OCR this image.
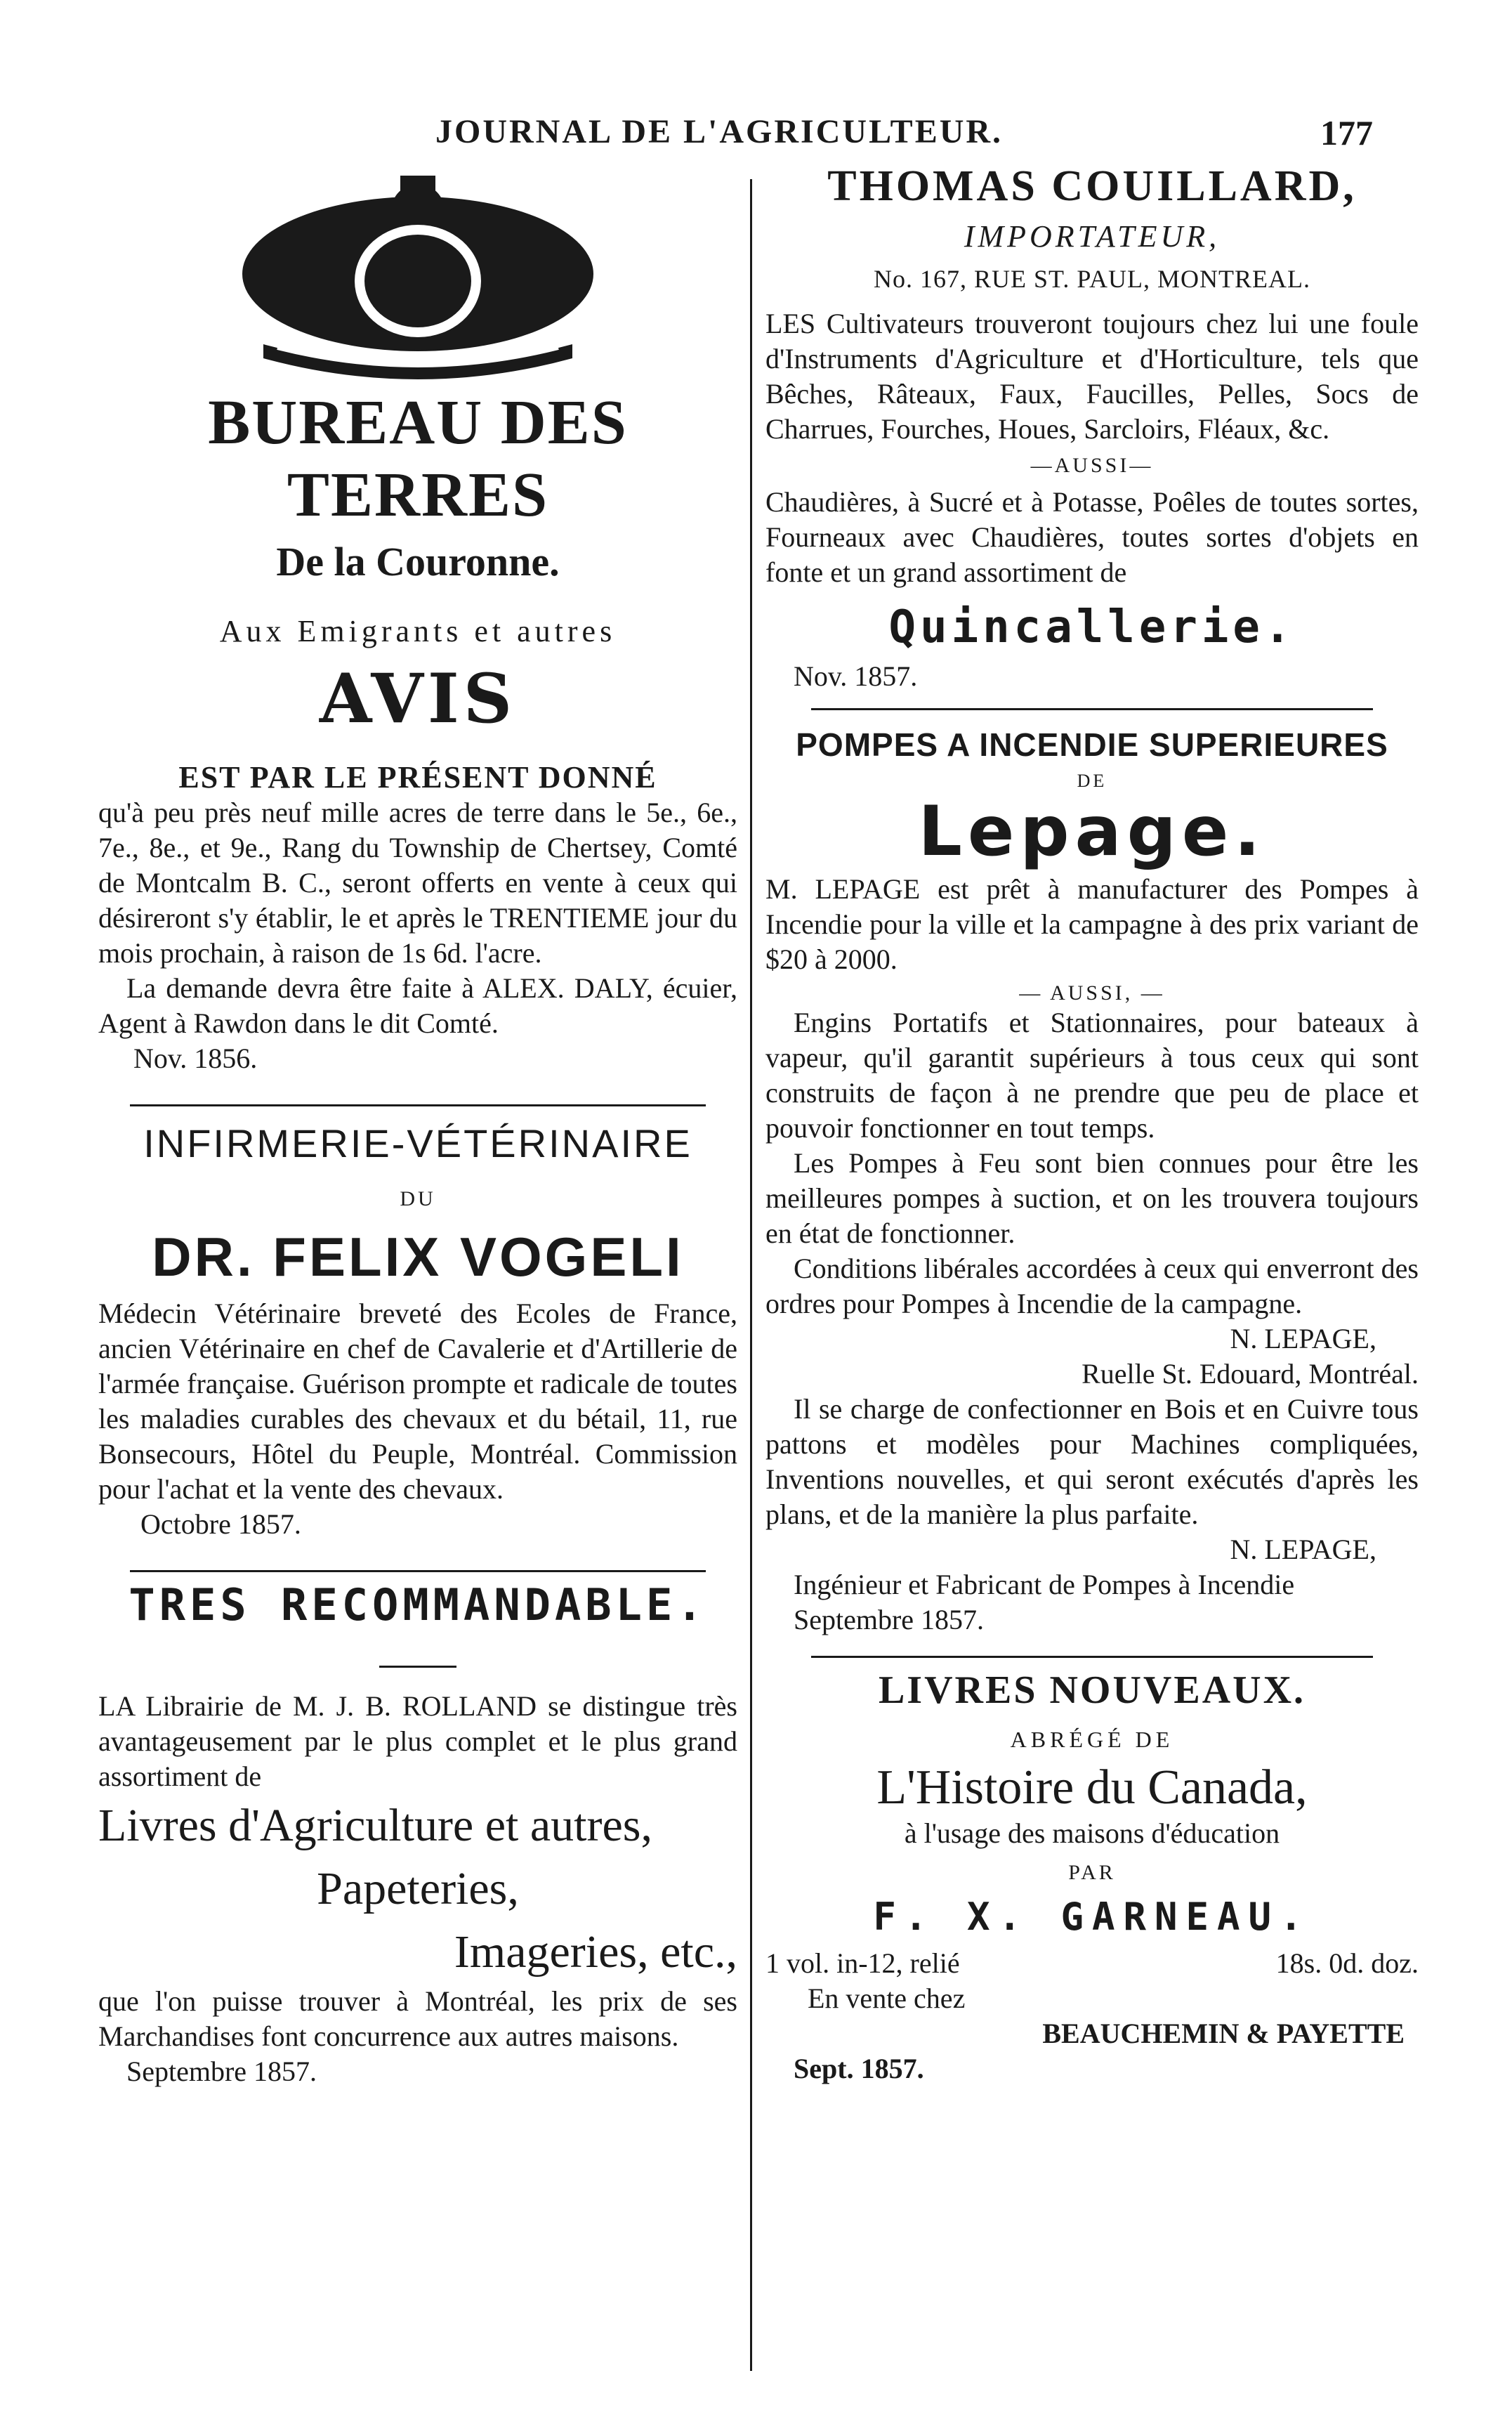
JOURNAL DE L'AGRICULTEUR.	177
BUREAU DES TERRES
De la Couronne.
Aux Emigrants et autres
AVIS
EST PAR LE PRÉSENT DONNÉ

qu'à peu près neuf mille acres de terre dans le 5e., 6e., 7e., 8e., et 9e., Rang du Township de Chertsey, Comté de Montcalm B. C., seront offerts en vente à ceux qui désireront s'y établir, le et après le TRENTIEME jour du mois prochain, à raison de 1s 6d. l'acre.

La demande devra être faite à ALEX. DALY, écuier, Agent à Rawdon dans le dit Comté.

Nov. 1856.

INFIRMERIE-VÉTÉRINAIRE
DU
DR. FELIX VOGELI

Médecin Vétérinaire breveté des Ecoles de France, ancien Vétérinaire en chef de Cavalerie et d'Artillerie de l'armée française. Guérison prompte et radicale de toutes les maladies curables des chevaux et du bétail, 11, rue Bonsecours, Hôtel du Peuple, Montréal. Commission pour l'achat et la vente des chevaux.

Octobre 1857.

TRES RECOMMANDABLE.

LA Librairie de M. J. B. ROLLAND se distingue très avantageusement par le plus complet et le plus grand assortiment de

Livres d'Agriculture et autres,
Papeteries,
Imageries, etc.,

que l'on puisse trouver à Montréal, les prix de ses Marchandises font concurrence aux autres maisons.

Septembre 1857.

THOMAS COUILLARD,
IMPORTATEUR,
No. 167, RUE ST. PAUL, MONTREAL.

LES Cultivateurs trouveront toujours chez lui une foule d'Instruments d'Agriculture et d'Horticulture, tels que Bêches, Râteaux, Faux, Faucilles, Pelles, Socs de Charrues, Fourches, Houes, Sarcloirs, Fléaux, &c.

—AUSSI—

Chaudières, à Sucré et à Potasse, Poêles de toutes sortes, Fourneaux avec Chaudières, toutes sortes d'objets en fonte et un grand assortiment de

Quincallerie.

Nov. 1857.

POMPES A INCENDIE SUPERIEURES
DE
Lepage.

M. LEPAGE est prêt à manufacturer des Pompes à Incendie pour la ville et la campagne à des prix variant de $20 à 2000.

— AUSSI, —

Engins Portatifs et Stationnaires, pour bateaux à vapeur, qu'il garantit supérieurs à tous ceux qui sont construits de façon à ne prendre que peu de place et pouvoir fonctionner en tout temps.

Les Pompes à Feu sont bien connues pour être les meilleures pompes à suction, et on les trouvera toujours en état de fonctionner.

Conditions libérales accordées à ceux qui enverront des ordres pour Pompes à Incendie de la campagne.

N. LEPAGE,

Ruelle St. Edouard, Montréal.

Il se charge de confectionner en Bois et en Cuivre tous pattons et modèles pour Machines compliquées, Inventions nouvelles, et qui seront exécutés d'après les plans, et de la manière la plus parfaite.

N. LEPAGE,

Ingénieur et Fabricant de Pompes à Incendie

Septembre 1857.

LIVRES NOUVEAUX.
ABRÉGÉ DE
L'Histoire du Canada,
à l'usage des maisons d'éducation
PAR
F. X. GARNEAU.
1 vol. in-12, relié	18s. 0d. doz.
En vente chez
BEAUCHEMIN & PAYETTE
Sept. 1857.
